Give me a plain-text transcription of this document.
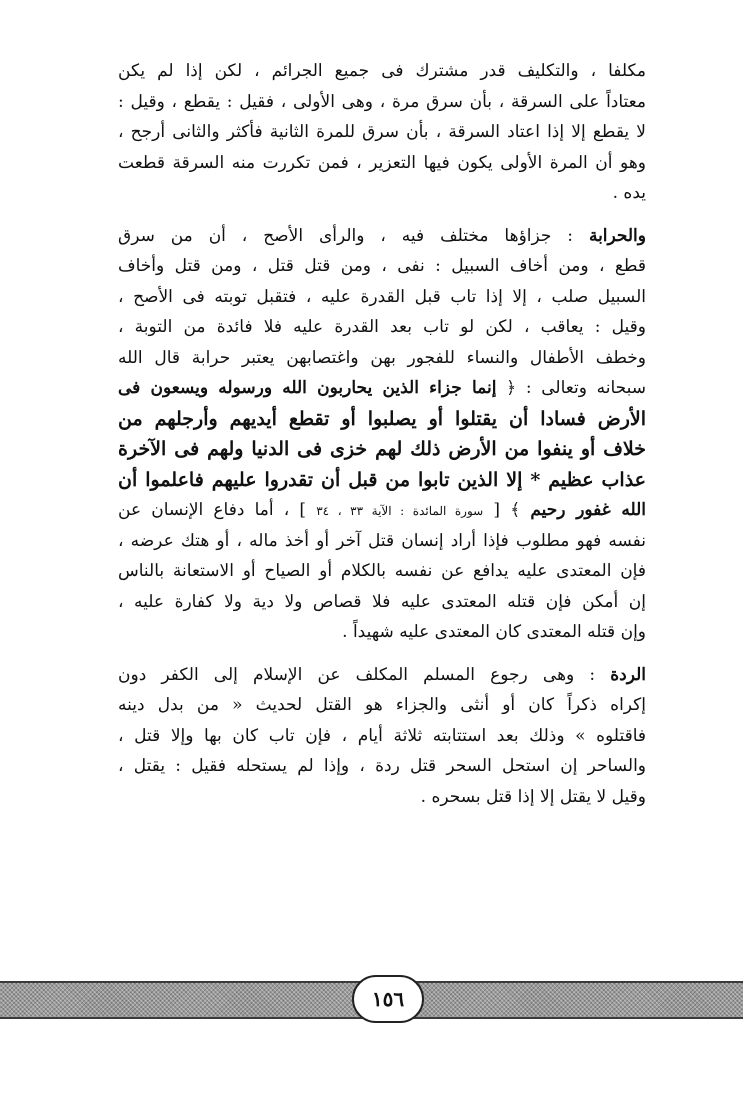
مكلفا ، والتكليف قدر مشترك فى جميع الجرائم ، لكن إذا لم يكن
معتاداً على السرقة ، بأن سرق مرة ، وهى الأولى ، فقيل : يقطع ، وقيل :
لا يقطع إلا إذا اعتاد السرقة ، بأن سرق للمرة الثانية فأكثر والثانى أرجح ،
وهو أن المرة الأولى يكون فيها التعزير ، فمن تكررت منه السرقة قطعت
يده .
والحرابة : جزاؤها مختلف فيه ، والرأى الأصح ، أن من سرق
قطع ، ومن أخاف السبيل : نفى ، ومن قتل قتل ، ومن قتل وأخاف
السبيل صلب ، إلا إذا تاب قبل القدرة عليه ، فتقبل توبته فى الأصح ،
وقيل : يعاقب ، لكن لو تاب بعد القدرة عليه فلا فائدة من التوبة ،
وخطف الأطفال والنساء للفجور بهن واغتصابهن يعتبر حرابة قال الله
سبحانه وتعالى : ﴿ إنما جزاء الذين يحاربون الله ورسوله ويسعون فى
الأرض فسادا أن يقتلوا أو يصلبوا أو تقطع أيديهم وأرجلهم من
خلاف أو ينفوا من الأرض ذلك لهم خزى فى الدنيا ولهم فى الآخرة
عذاب عظيم * إلا الذين تابوا من قبل أن تقدروا عليهم فاعلموا أن
الله غفور رحيم ﴾ [ سورة المائدة : الآية ٣٣ ، ٣٤ ] ، أما دفاع الإنسان عن
نفسه فهو مطلوب فإذا أراد إنسان قتل آخر أو أخذ ماله ، أو هتك عرضه ،
فإن المعتدى عليه يدافع عن نفسه بالكلام أو الصياح أو الاستعانة بالناس
إن أمكن فإن قتله المعتدى عليه فلا قصاص ولا دية ولا كفارة عليه ،
وإن قتله المعتدى كان المعتدى عليه شهيداً .
الردة : وهى رجوع المسلم المكلف عن الإسلام إلى الكفر دون
إكراه ذكراً كان أو أنثى والجزاء هو القتل لحديث « من بدل دينه
فاقتلوه » وذلك بعد استتابته ثلاثة أيام ، فإن تاب كان بها وإلا قتل ،
والساحر إن استحل السحر قتل ردة ، وإذا لم يستحله فقيل : يقتل ،
وقيل لا يقتل إلا إذا قتل بسحره .
١٥٦
